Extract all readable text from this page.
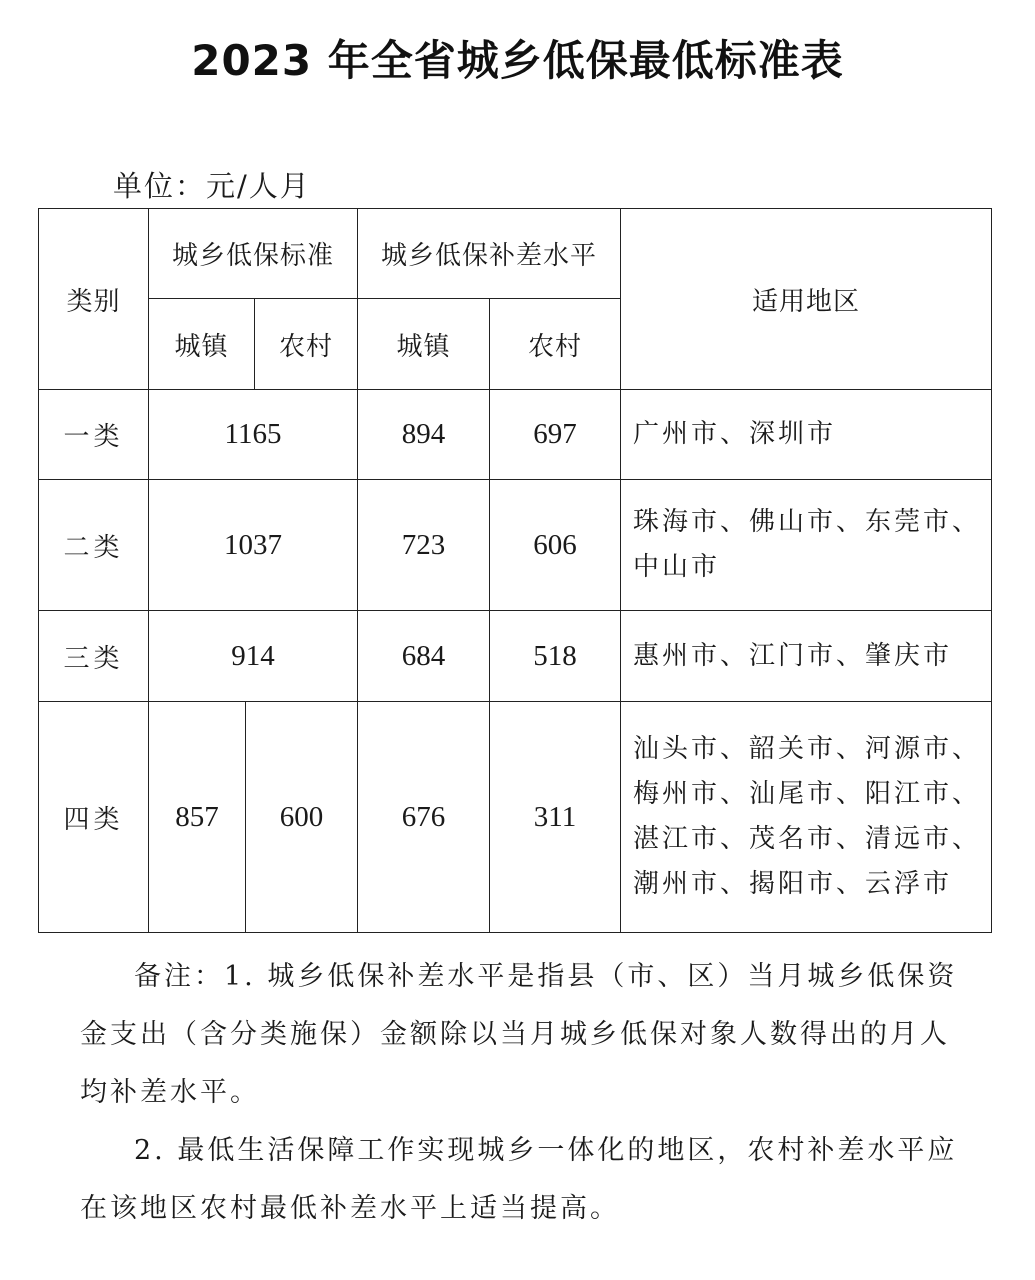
2023 年全省城乡低保最低标准表
单位：元/人月
类别	城乡低保标准		城乡低保补差水平		适用地区
	城镇	农村	城镇	农村	
一类	1165		894	697	广州市、深圳市
二类	1037		723	606	珠海市、佛山市、东莞市、中山市
三类	914		684	518	惠州市、江门市、肇庆市
四类	857 600		676	311	汕头市、韶关市、河源市、梅州市、汕尾市、阳江市、湛江市、茂名市、清远市、潮州市、揭阳市、云浮市

备注：1. 城乡低保补差水平是指县（市、区）当月城乡低保资金支出（含分类施保）金额除以当月城乡低保对象人数得出的月人均补差水平。

2. 最低生活保障工作实现城乡一体化的地区，农村补差水平应在该地区农村最低补差水平上适当提高。
